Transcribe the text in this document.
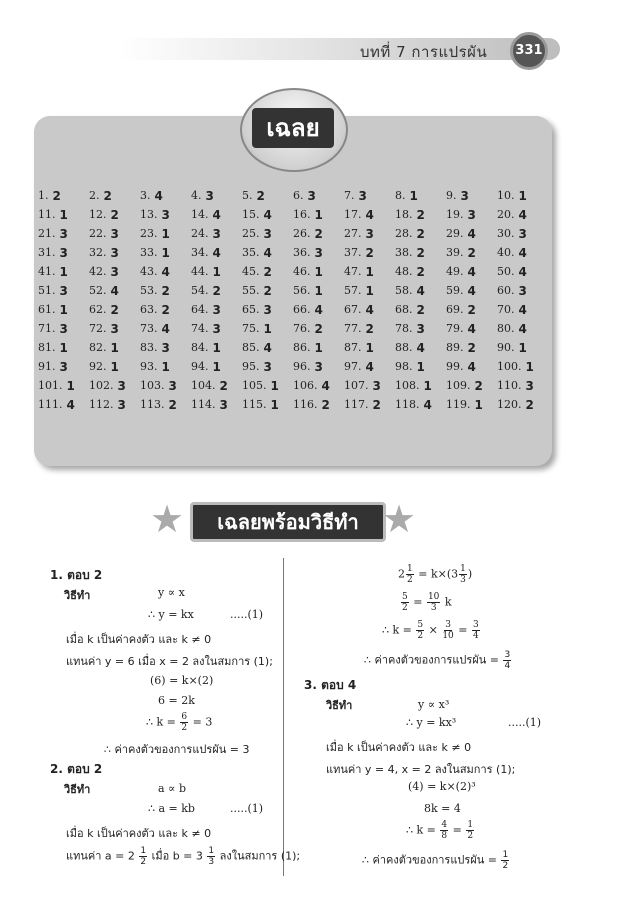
บทที่ 7 การแปรผัน	331
เฉลย
1. 2	2. 2	3. 4	4. 3	5. 2	6. 3	7. 3	8. 1	9. 3	10. 1
11. 1 12. 2 13. 3 14. 4 15. 4 16. 1 17. 4 18. 2 19. 3 20. 4
21. 3 22. 3 23. 1 24. 3 25. 3 26. 2 27. 3 28. 2 29. 4 30. 3
31. 3 32. 3 33. 1 34. 4 35. 4 36. 3 37. 2 38. 2 39. 2 40. 4
41. 1 42. 3 43. 4 44. 1 45. 2 46. 1 47. 1 48. 2 49. 4 50. 4
51. 3 52. 4 53. 2 54. 2 55. 2 56. 1 57. 1 58. 4 59. 4 60. 3
61. 1 62. 2 63. 2 64. 3 65. 3 66. 4 67. 4 68. 2 69. 2 70. 4
71. 3 72. 3 73. 4 74. 3 75. 1 76. 2 77. 2 78. 3 79. 4 80. 4
81. 1 82. 1 83. 3 84. 1 85. 4 86. 1 87. 1 88. 4 89. 2 90. 1
91. 3 92. 1 93. 1 94. 1 95. 3 96. 3 97. 4 98. 1 99. 4 100. 1
101. 1 102. 3 103. 3 104. 2 105. 1 106. 4 107. 3 108. 1 109. 2 110. 3
111. 4 112. 3 113. 2 114. 3 115. 1 116. 2 117. 2 118. 4 119. 1 120. 2
★	เฉลยพร้อมวิธีทำ ★
1. ตอบ 2
วิธีทำ	y ∝ x
∴ y = kx	.....(1)
เมื่อ k เป็นค่าคงตัว และ k ≠ 0
แทนค่า y = 6 เมื่อ x = 2 ลงในสมการ (1);
(6) = k×(2)
6 = 2k
∴ $k = \frac{6}{2} = 3$
∴ ค่าคงตัวของการแปรผัน = 3
2. ตอบ 2
วิธีทำ	a ∝ b
∴ a = kb	.....(1)
เมื่อ k เป็นค่าคงตัว และ k ≠ 0
แทนค่า $a = 2 \frac{1}{2}$ เมื่อ $b = 3 \frac{1}{3}$ ลงในสมการ (1);
$2 \frac{1}{2} = k\times(3 \frac{1}{3}$ )
$\frac{5}{2} = \frac{10}{3}$ k
∴ $k = \frac{5}{2} \times \frac{3}{10} = \frac{3}{4}$
∴ ค่าคงตัวของการแปรผัน = $\frac{3}{4}$
3. ตอบ 4
วิธีทำ	y ∝ x³
∴ y = kx³	.....(1)
เมื่อ k เป็นค่าคงตัว และ k ≠ 0
แทนค่า y = 4, x = 2 ลงในสมการ (1);
(4) = k×(2)³
8k = 4
∴ $k = \frac{4}{8} = \frac{1}{2}$
∴ ค่าคงตัวของการแปรผัน = $\frac{1}{2}$
